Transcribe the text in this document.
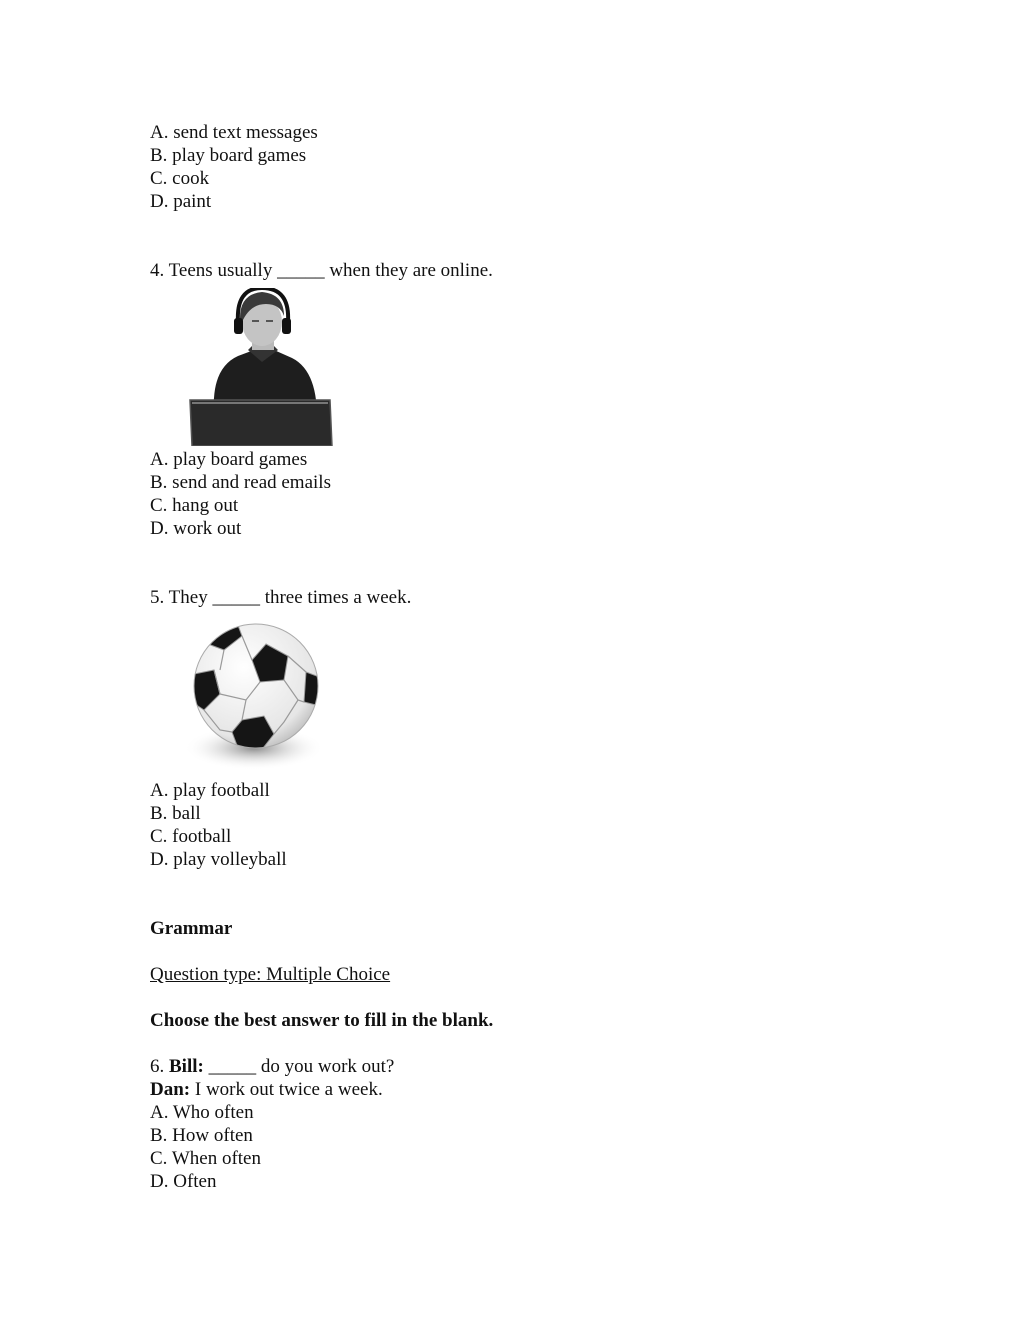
A. send text messages
B. play board games
C. cook
D. paint
4. Teens usually _____ when they are online.
A. play board games
B. send and read emails
C. hang out
D. work out
5. They _____ three times a week.
A. play football
B. ball
C. football
D. play volleyball
Grammar
Question type: Multiple Choice
Choose the best answer to fill in the blank.
6. Bill: _____ do you work out?
Dan: I work out twice a week.
A. Who often
B. How often
C. When often
D. Often
